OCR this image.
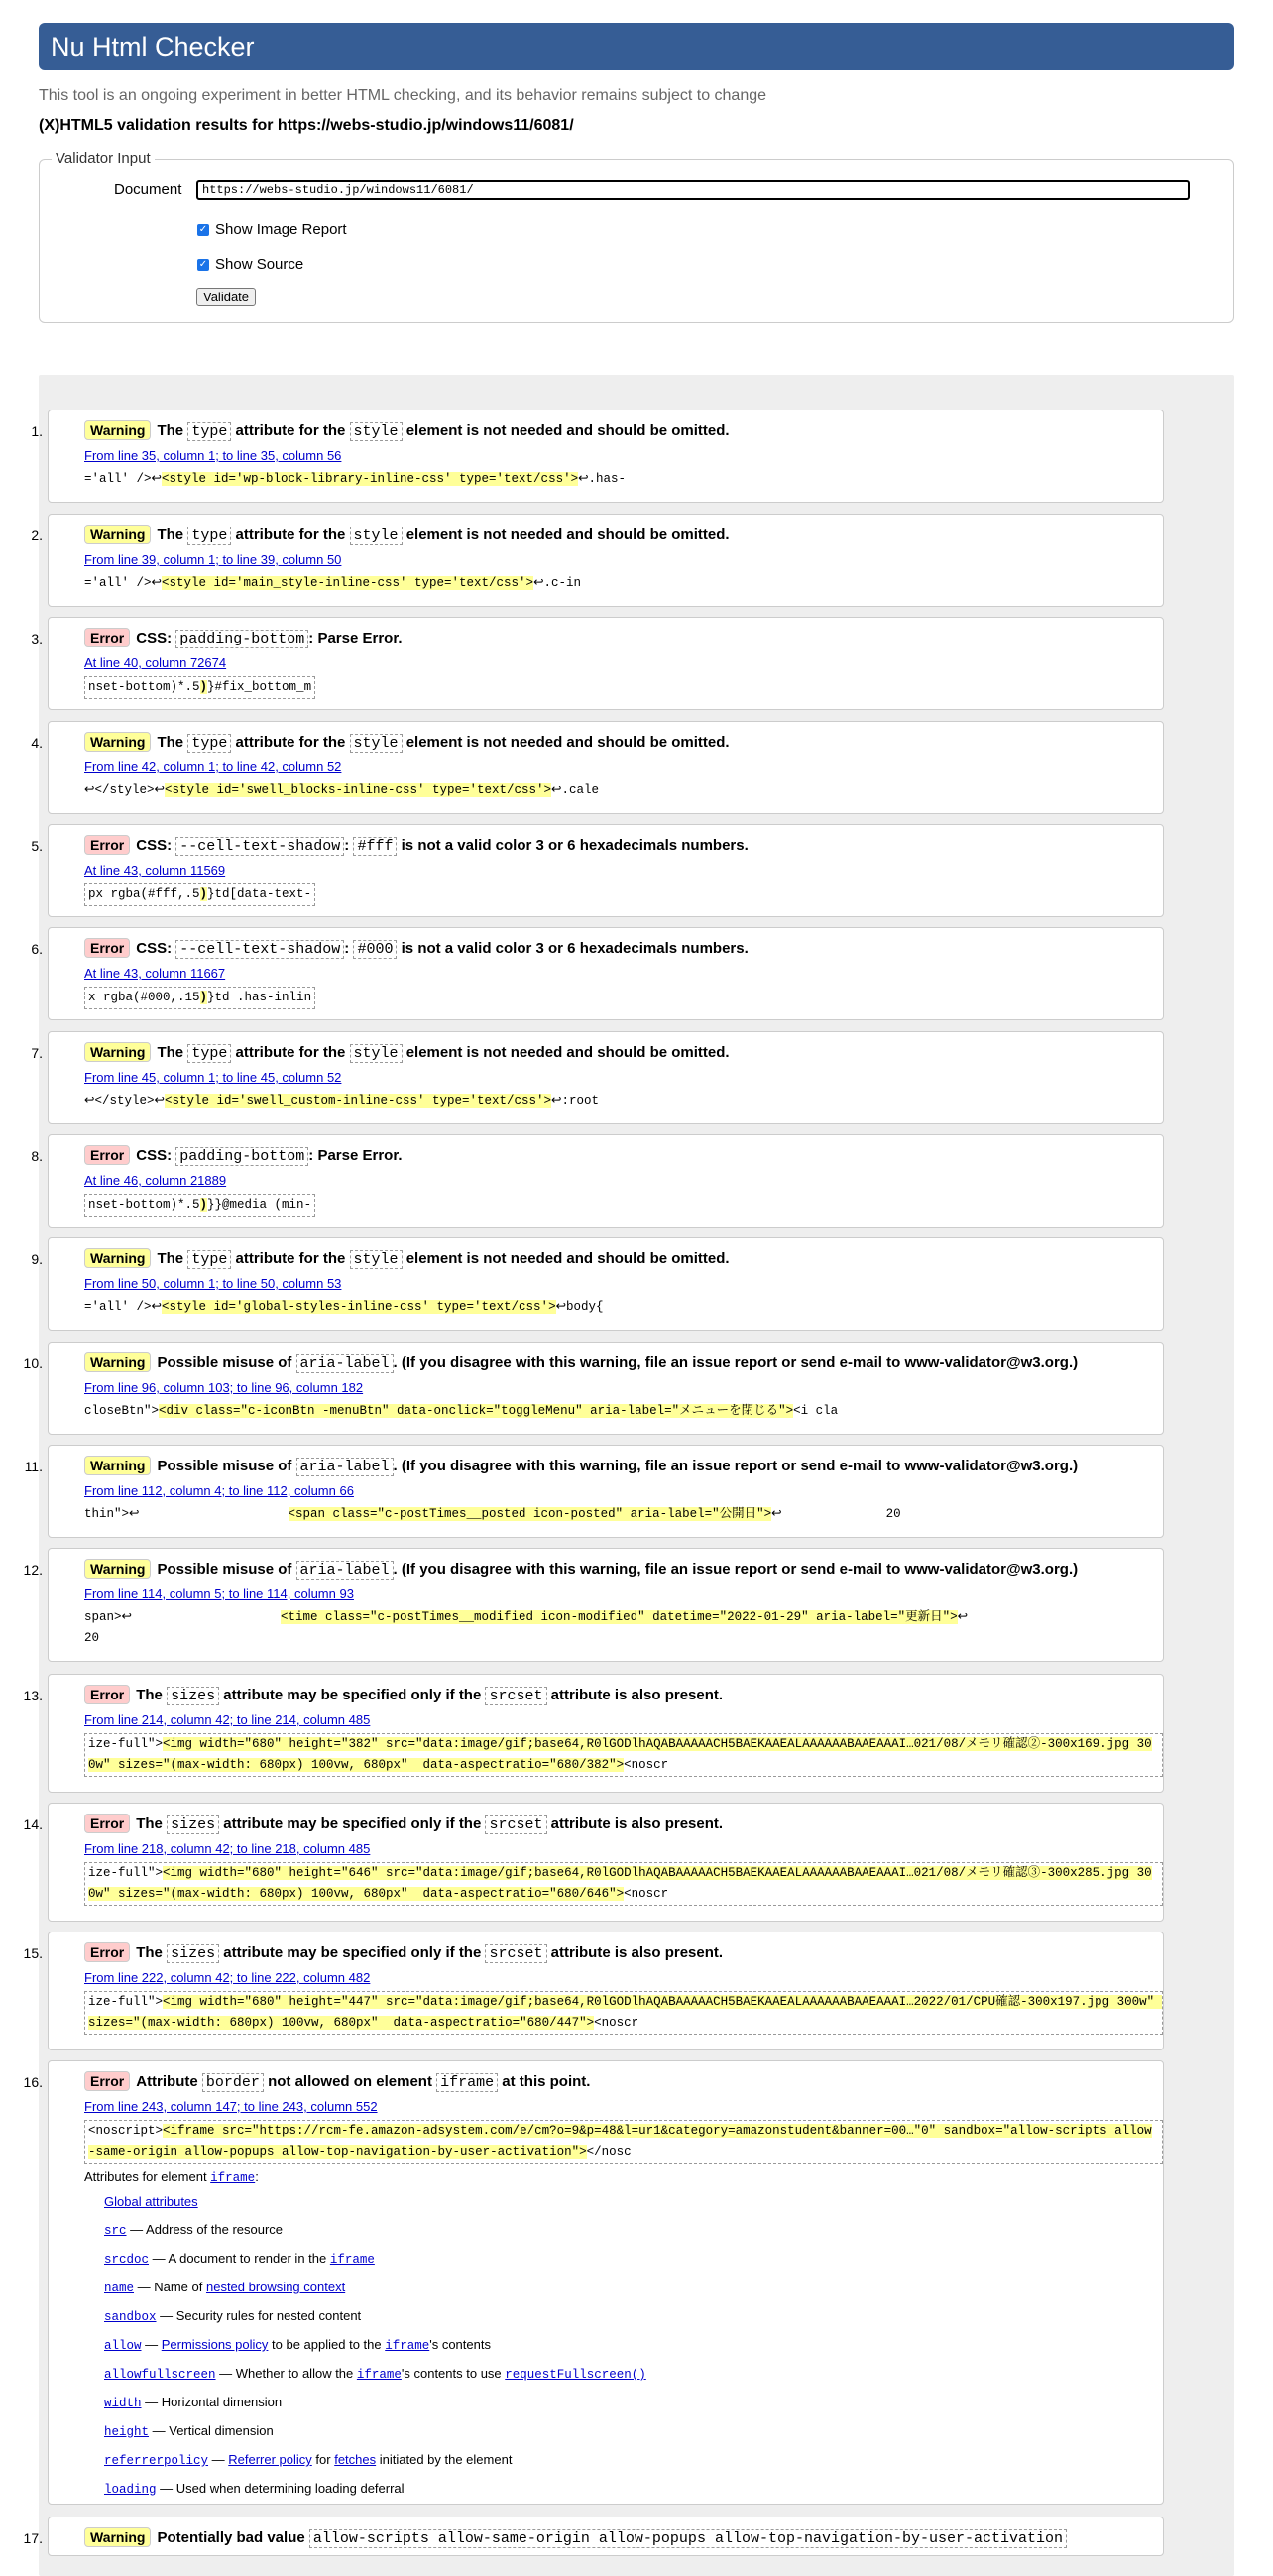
Nu Html Checker
This tool is an ongoing experiment in better HTML checking, and its behavior remains subject to change
(X)HTML5 validation results for https://webs-studio.jp/windows11/6081/
Validator Input
Document	https://webs-studio.jp/windows11/6081/
✓ Show Image Report
✓ Show Source
Validate
1.	Warning The type attribute for the style element is not needed and should be omitted.
From line 35, column 1; to line 35, column 56
='all' />↩<style id='wp-block-library-inline-css' type='text/css'>↩.has-
2.	Warning The type attribute for the style element is not needed and should be omitted.
From line 39, column 1; to line 39, column 50
='all' />↩<style id='main_style-inline-css' type='text/css'>↩.c-in
3.	Error CSS: padding-bottom : Parse Error.
At line 40, column 72674
nset-bottom)*.5)}#fix_bottom_m
4.	Warning The type attribute for the style element is not needed and should be omitted.
From line 42, column 1; to line 42, column 52
↩</style>↩<style id='swell_blocks-inline-css' type='text/css'>↩.cale
5.	Error CSS: --cell-text-shadow : #fff is not a valid color 3 or 6 hexadecimals numbers.
At line 43, column 11569
px rgba(#fff,.5)}td[data-text-
6.	Error CSS: --cell-text-shadow : #000 is not a valid color 3 or 6 hexadecimals numbers.
At line 43, column 11667
x rgba(#000,.15)}td .has-inlin
7.	Warning The type attribute for the style element is not needed and should be omitted.
From line 45, column 1; to line 45, column 52
↩</style>↩<style id='swell_custom-inline-css' type='text/css'>↩:root
8.	Error CSS: padding-bottom : Parse Error.
At line 46, column 21889
nset-bottom)*.5)}}@media (min-
9.	Warning The type attribute for the style element is not needed and should be omitted.
From line 50, column 1; to line 50, column 53
='all' />↩<style id='global-styles-inline-css' type='text/css'>↩body{
10.	Warning Possible misuse of aria-label . (If you disagree with this warning, file an issue report or send e-mail to www-validator@w3.org.)
From line 96, column 103; to line 96, column 182
closeBtn"><div class="c-iconBtn -menuBtn" data-onclick="toggleMenu" aria-label="メニューを閉じる"><i cla
11.	Warning Possible misuse of aria-label . (If you disagree with this warning, file an issue report or send e-mail to www-validator@w3.org.)
From line 112, column 4; to line 112, column 66
thin">↩                    <span class="c-postTimes__posted icon-posted" aria-label="公開日">↩              20
12.	Warning Possible misuse of aria-label . (If you disagree with this warning, file an issue report or send e-mail to www-validator@w3.org.)
From line 114, column 5; to line 114, column 93
span>↩                    <time class="c-postTimes__modified icon-modified" datetime="2022-01-29" aria-label="更新日">↩
20
13.	Error The sizes attribute may be specified only if the srcset attribute is also present.
From line 214, column 42; to line 214, column 485
ize-full"><img width="680" height="382" src="data:image/gif;base64,R0lGODlhAQABAAAAACH5BAEKAAEALAAAAAABAAEAAAI…021/08/メモリ確認②-300x169.jpg 300w" sizes="(max-width: 680px) 100vw, 680px"  data-aspectratio="680/382"><noscr
14.	Error The sizes attribute may be specified only if the srcset attribute is also present.
From line 218, column 42; to line 218, column 485
ize-full"><img width="680" height="646" src="data:image/gif;base64,R0lGODlhAQABAAAAACH5BAEKAAEALAAAAAABAAEAAAI…021/08/メモリ確認③-300x285.jpg 300w" sizes="(max-width: 680px) 100vw, 680px"  data-aspectratio="680/646"><noscr
15.	Error The sizes attribute may be specified only if the srcset attribute is also present.
From line 222, column 42; to line 222, column 482
ize-full"><img width="680" height="447" src="data:image/gif;base64,R0lGODlhAQABAAAAACH5BAEKAAEALAAAAAABAAEAAAI…2022/01/CPU確認-300x197.jpg 300w" sizes="(max-width: 680px) 100vw, 680px"  data-aspectratio="680/447"><noscr
16.	Error Attribute border not allowed on element iframe at this point.
From line 243, column 147; to line 243, column 552
<noscript><iframe src="https://rcm-fe.amazon-adsystem.com/e/cm?o=9&p=48&l=ur1&category=amazonstudent&banner=00…"0" sandbox="allow-scripts allow-same-origin allow-popups allow-top-navigation-by-user-activation"></nosc
Attributes for element iframe:
Global attributes
src — Address of the resource
srcdoc — A document to render in the iframe
name — Name of nested browsing context
sandbox — Security rules for nested content
allow — Permissions policy to be applied to the iframe's contents
allowfullscreen — Whether to allow the iframe's contents to use requestFullscreen()
width — Horizontal dimension
height — Vertical dimension
referrerpolicy — Referrer policy for fetches initiated by the element
loading — Used when determining loading deferral
17.	Warning Potentially bad value allow-scripts allow-same-origin allow-popups allow-top-navigation-by-user-activation
